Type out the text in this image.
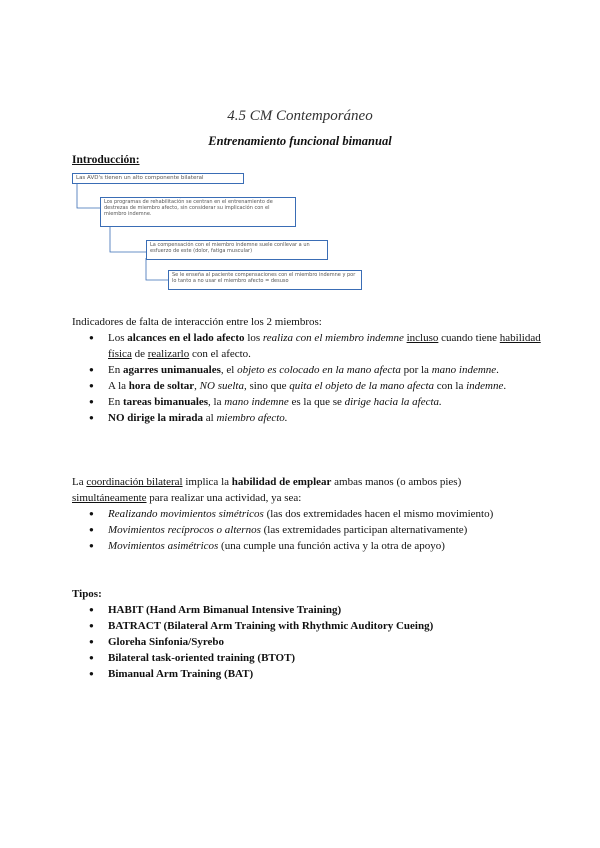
4.5 CM Contemporáneo
Entrenamiento funcional bimanual
Introducción:
Las AVD's tienen un alto componente bilateral
Los programas de rehabilitación se centran en el entrenamiento de destrezas de miembro afecto, sin considerar su implicación con el miembro indemne.
La compensación con el miembro indemne suele conllevar a un esfuerzo de este (dolor, fatiga muscular)
Se le enseña al paciente compensaciones con el miembro indemne y por lo tanto a no usar el miembro afecto = desuso
Indicadores de falta de interacción entre los 2 miembros:
● Los alcances en el lado afecto los realiza con el miembro indemne incluso cuando tiene habilidad física de realizarlo con el afecto.
● En agarres unimanuales, el objeto es colocado en la mano afecta por la mano indemne.
● A la hora de soltar, NO suelta, sino que quita el objeto de la mano afecta con la indemne.
● En tareas bimanuales, la mano indemne es la que se dirige hacia la afecta.
● NO dirige la mirada al miembro afecto.
La coordinación bilateral implica la habilidad de emplear ambas manos (o ambos pies) simultáneamente para realizar una actividad, ya sea:
● Realizando movimientos simétricos (las dos extremidades hacen el mismo movimiento)
● Movimientos recíprocos o alternos (las extremidades participan alternativamente)
● Movimientos asimétricos (una cumple una función activa y la otra de apoyo)
Tipos:
● HABIT (Hand Arm Bimanual Intensive Training)
● BATRACT (Bilateral Arm Training with Rhythmic Auditory Cueing)
● Gloreha Sinfonia/Syrebo
● Bilateral task-oriented training (BTOT)
● Bimanual Arm Training (BAT)
